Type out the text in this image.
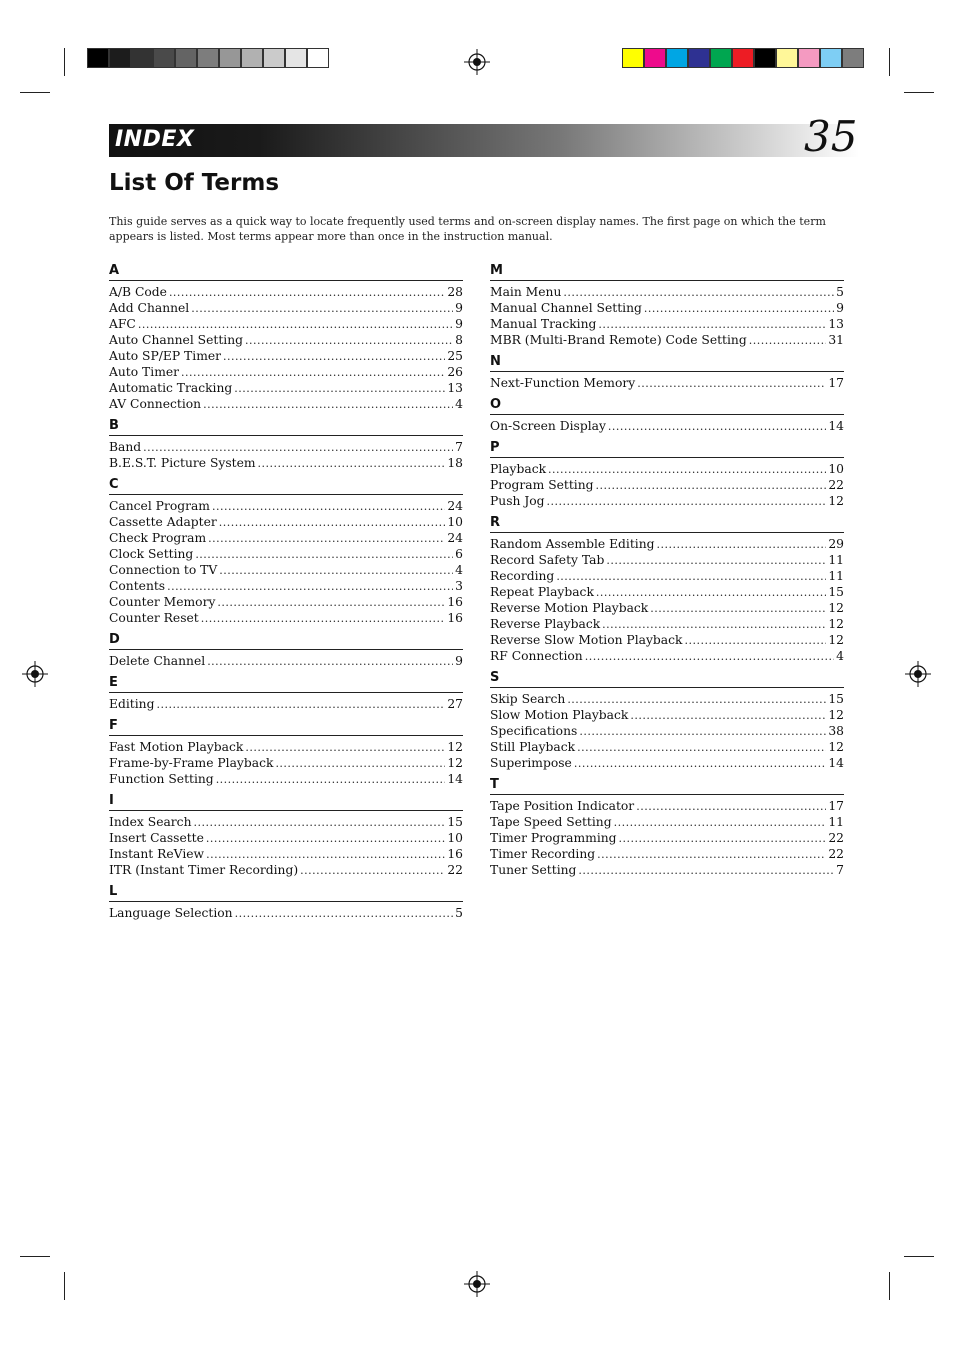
INDEX	35
List Of Terms
This guide serves as a quick way to locate frequently used terms and on-screen display names. The first page on which the term appears is listed. Most terms appear more than once in the instruction manual.
A
A/B Code .....	28
Add Channel .....	9
AFC .....	9
Auto Channel Setting .....	8
Auto SP/EP Timer .....	25
Auto Timer .....	26
Automatic Tracking .....	13
AV Connection .....	4
B
Band .....	7
B.E.S.T. Picture System .....	18
C
Cancel Program .....	24
Cassette Adapter .....	10
Check Program .....	24
Clock Setting .....	6
Connection to TV .....	4
Contents .....	3
Counter Memory .....	16
Counter Reset .....	16
D
Delete Channel .....	9
E
Editing .....	27
F
Fast Motion Playback .....	12
Frame-by-Frame Playback .....	12
Function Setting .....	14
I
Index Search .....	15
Insert Cassette .....	10
Instant ReView .....	16
ITR (Instant Timer Recording) .....	22
L
Language Selection .....	5
M
Main Menu .....	5
Manual Channel Setting .....	9
Manual Tracking .....	13
MBR (Multi-Brand Remote) Code Setting .....	31
N
Next-Function Memory .....	17
O
On-Screen Display .....	14
P
Playback .....	10
Program Setting .....	22
Push Jog .....	12
R
Random Assemble Editing .....	29
Record Safety Tab .....	11
Recording .....	11
Repeat Playback .....	15
Reverse Motion Playback .....	12
Reverse Playback .....	12
Reverse Slow Motion Playback .....	12
RF Connection .....	4
S
Skip Search .....	15
Slow Motion Playback .....	12
Specifications .....	38
Still Playback .....	12
Superimpose .....	14
T
Tape Position Indicator .....	17
Tape Speed Setting .....	11
Timer Programming .....	22
Timer Recording .....	22
Tuner Setting .....	7
